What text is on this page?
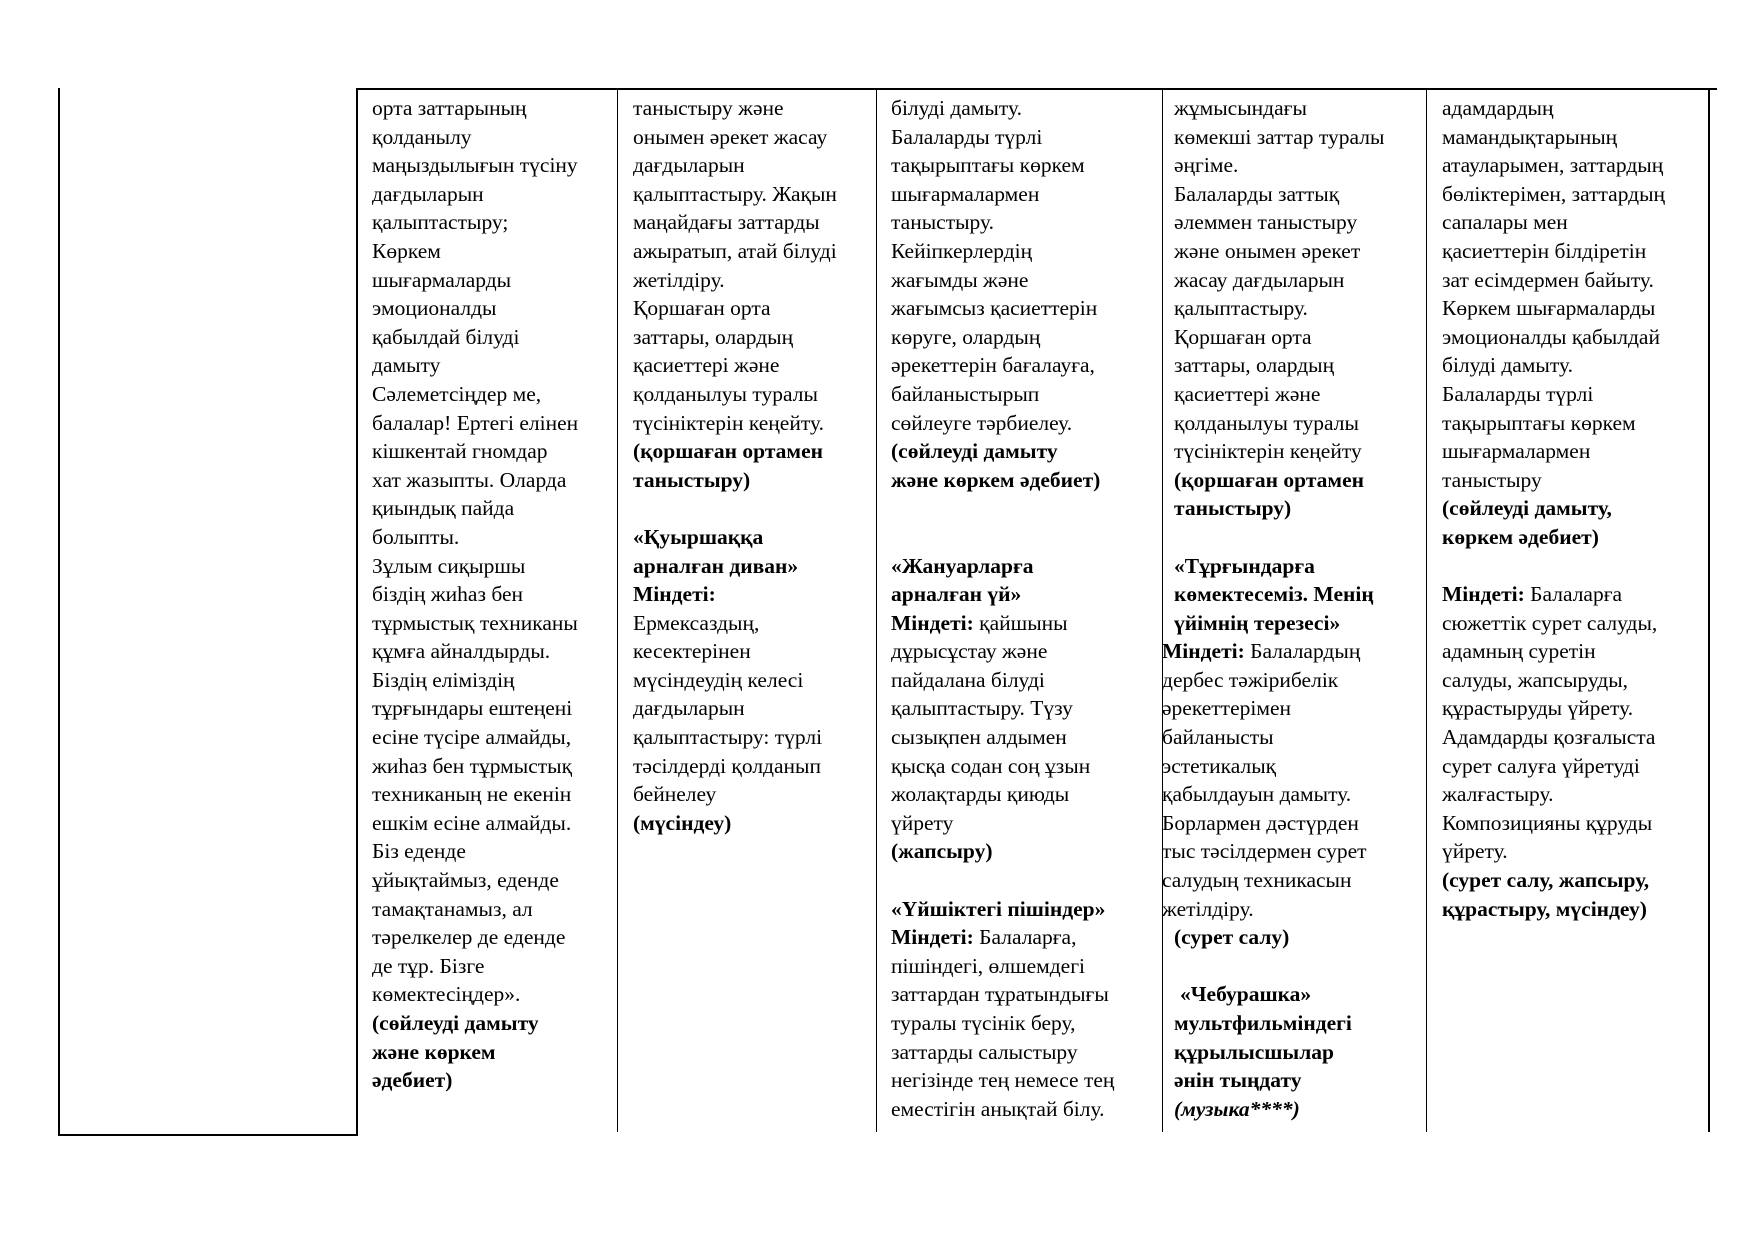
орта заттарының
қолданылу
маңыздылығын түсіну
дағдыларын
қалыптастыру;
Көркем
шығармаларды
эмоционалды
қабылдай білуді
дамыту
Сәлеметсіңдер ме,
балалар! Ертегі елінен
кішкентай гномдар
хат жазыпты. Оларда
қиындық пайда
болыпты.
Зұлым сиқыршы
біздің жиһаз бен
тұрмыстық техниканы
құмға айналдырды.
Біздің еліміздің
тұрғындары ештеңені
есіне түсіре алмайды,
жиһаз бен тұрмыстық
техниканың не екенін
ешкім есіне алмайды.
Біз еденде
ұйықтаймыз, еденде
тамақтанамыз, ал
тәрелкелер де еденде
де тұр. Бізге
көмектесіңдер».
(сөйлеуді дамыту
және көркем
әдебиет)
таныстыру және
онымен әрекет жасау
дағдыларын
қалыптастыру. Жақын
маңайдағы заттарды
ажыратып, атай білуді
жетілдіру.
Қоршаған орта
заттары, олардың
қасиеттері және
қолданылуы туралы
түсініктерін кеңейту.
(қоршаған ортамен
таныстыру)
«Қуыршаққа
арналған диван»
Міндеті:
Ермексаздың,
кесектерінен
мүсіндеудің келесі
дағдыларын
қалыптастыру: түрлі
тәсілдерді қолданып
бейнелеу
(мүсіндеу)
білуді дамыту.
Балаларды түрлі
тақырыптағы көркем
шығармалармен
таныстыру.
Кейіпкерлердің
жағымды және
жағымсыз қасиеттерін
көруге, олардың
әрекеттерін бағалауға,
байланыстырып
сөйлеуге тәрбиелеу.
(сөйлеуді дамыту
және көркем әдебиет)
«Жануарларға
арналған үй»
Міндеті: қайшыны
дұрысұстау және
пайдалана білуді
қалыптастыру. Түзу
сызықпен алдымен
қысқа содан соң ұзын
жолақтарды қиюды
үйрету
(жапсыру)
«Үйшіктегі пішіндер»
Міндеті: Балаларға,
пішіндегі, өлшемдегі
заттардан тұратындығы
туралы түсінік беру,
заттарды салыстыру
негізінде тең немесе тең
еместігін анықтай білу.
жұмысындағы
көмекші заттар туралы
әңгіме.
Балаларды заттық
әлеммен таныстыру
және онымен әрекет
жасау дағдыларын
қалыптастыру.
Қоршаған орта
заттары, олардың
қасиеттері және
қолданылуы туралы
түсініктерін кеңейту
(қоршаған ортамен
таныстыру)
«Тұрғындарға
көмектесеміз. Менің
үйімнің терезесі»
Міндеті: Балалардың
дербес тәжірибелік
әрекеттерімен
байланысты
эстетикалық
қабылдауын дамыту.
Борлармен дәстүрден
тыс тәсілдермен сурет
салудың техникасын
жетілдіру.
(сурет салу)
«Чебурашка»
мультфильміндегі
құрылысшылар
әнін тыңдату
(музыка****)
адамдардың
мамандықтарының
атауларымен, заттардың
бөліктерімен, заттардың
сапалары мен
қасиеттерін білдіретін
зат есімдермен байыту.
Көркем шығармаларды
эмоционалды қабылдай
білуді дамыту.
Балаларды түрлі
тақырыптағы көркем
шығармалармен
таныстыру
(сөйлеуді дамыту,
көркем әдебиет)
Міндеті: Балаларға
сюжеттік сурет салуды,
адамның суретін
салуды, жапсыруды,
құрастыруды үйрету.
Адамдарды қозғалыста
сурет салуға үйретуді
жалғастыру.
Композицияны құруды
үйрету.
(сурет салу, жапсыру,
құрастыру, мүсіндеу)
